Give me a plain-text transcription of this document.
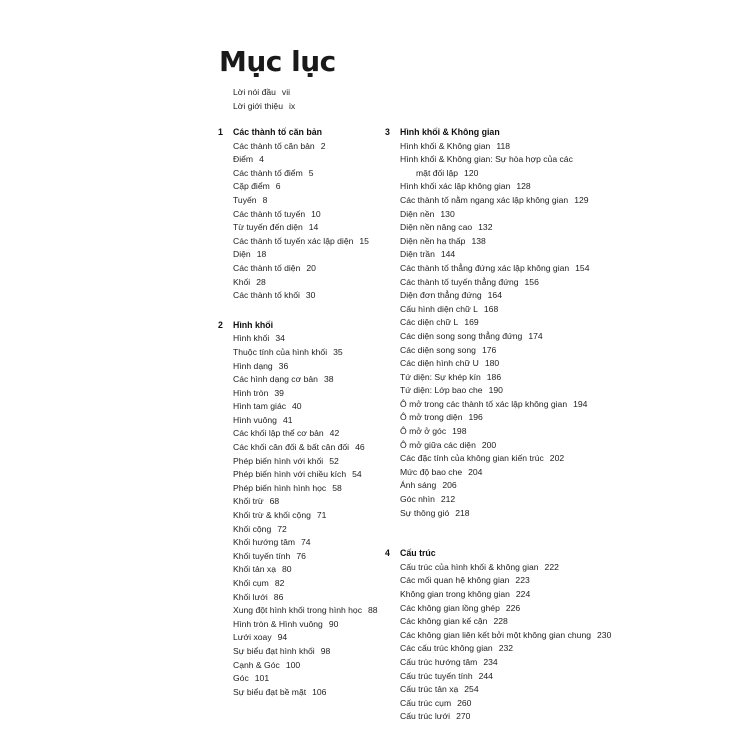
Mục lục
Lời nói đầu vii
Lời giới thiệu ix
1 Các thành tố căn bản
Các thành tố căn bản 2
Điểm 4
Các thành tố điểm 5
Cặp điểm 6
Tuyến 8
Các thành tố tuyến 10
Từ tuyến đến diện 14
Các thành tố tuyến xác lập diện 15
Diện 18
Các thành tố diện 20
Khối 28
Các thành tố khối 30
2 Hình khối
Hình khối 34
Thuộc tính của hình khối 35
Hình dạng 36
Các hình dạng cơ bản 38
Hình tròn 39
Hình tam giác 40
Hình vuông 41
Các khối lập thể cơ bản 42
Các khối cân đối & bất cân đối 46
Phép biến hình với khối 52
Phép biến hình với chiều kích 54
Phép biến hình hình học 58
Khối trừ 68
Khối trừ & khối cộng 71
Khối cộng 72
Khối hướng tâm 74
Khối tuyến tính 76
Khối tản xạ 80
Khối cụm 82
Khối lưới 86
Xung đột hình khối trong hình học 88
Hình tròn & Hình vuông 90
Lưới xoay 94
Sự biểu đạt hình khối 98
Cạnh & Góc 100
Góc 101
Sự biểu đạt bề mặt 106
3 Hình khối & Không gian
Hình khối & Không gian 118
Hình khối & Không gian: Sự hòa hợp của các
mặt đối lập 120
Hình khối xác lập không gian 128
Các thành tố nằm ngang xác lập không gian 129
Diện nền 130
Diện nền nâng cao 132
Diện nền hạ thấp 138
Diện trần 144
Các thành tố thẳng đứng xác lập không gian 154
Các thành tố tuyến thẳng đứng 156
Diện đơn thẳng đứng 164
Cấu hình diện chữ L 168
Các diện chữ L 169
Các diện song song thẳng đứng 174
Các diện song song 176
Các diện hình chữ U 180
Tứ diện: Sự khép kín 186
Tứ diện: Lớp bao che 190
Ô mở trong các thành tố xác lập không gian 194
Ô mở trong diện 196
Ô mở ở góc 198
Ô mở giữa các diện 200
Các đặc tính của không gian kiến trúc 202
Mức độ bao che 204
Ánh sáng 206
Góc nhìn 212
Sự thông gió 218
4 Cấu trúc
Cấu trúc của hình khối & không gian 222
Các mối quan hệ không gian 223
Không gian trong không gian 224
Các không gian lồng ghép 226
Các không gian kế cận 228
Các không gian liên kết bởi một không gian chung 230
Các cấu trúc không gian 232
Cấu trúc hướng tâm 234
Cấu trúc tuyến tính 244
Cấu trúc tản xạ 254
Cấu trúc cụm 260
Cấu trúc lưới 270
